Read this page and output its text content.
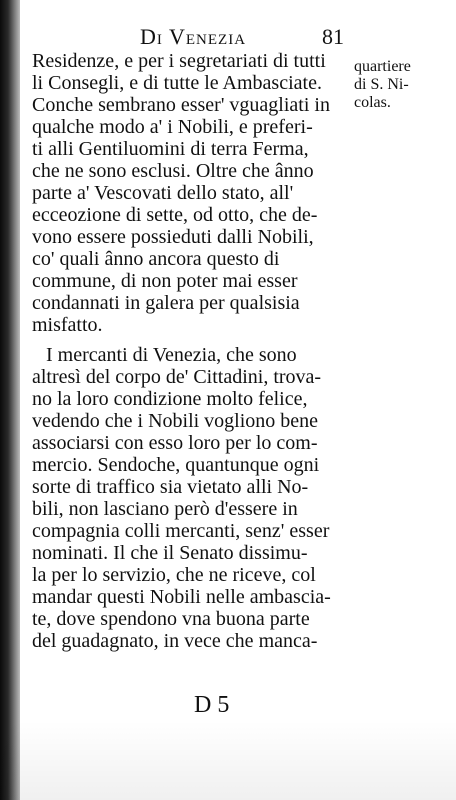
Di Venezia	81
quartiere
di S. Ni-
colas.
Residenze, e per i segretariati di tutti
li Consegli, e di tutte le Ambasciate.
Conche sembrano esser' vguagliati in
qualche modo a' i Nobili, e preferi-
ti alli Gentiluomini di terra Ferma,
che ne sono esclusi. Oltre che ânno
parte a' Vescovati dello stato, all'
ecceozione di sette, od otto, che de-
vono essere possieduti dalli Nobili,
co' quali ânno ancora questo di
commune, di non poter mai esser
condannati in galera per qualsisia
misfatto.
I mercanti di Venezia, che sono
altresì del corpo de' Cittadini, trova-
no la loro condizione molto felice,
vedendo che i Nobili vogliono bene
associarsi con esso loro per lo com-
mercio. Sendoche, quantunque ogni
sorte di traffico sia vietato alli No-
bili, non lasciano però d'essere in
compagnia colli mercanti, senz' esser
nominati. Il che il Senato dissimu-
la per lo servizio, che ne riceve, col
mandar questi Nobili nelle ambascia-
te, dove spendono vna buona parte
del guadagnato, in vece che manca-
D 5
